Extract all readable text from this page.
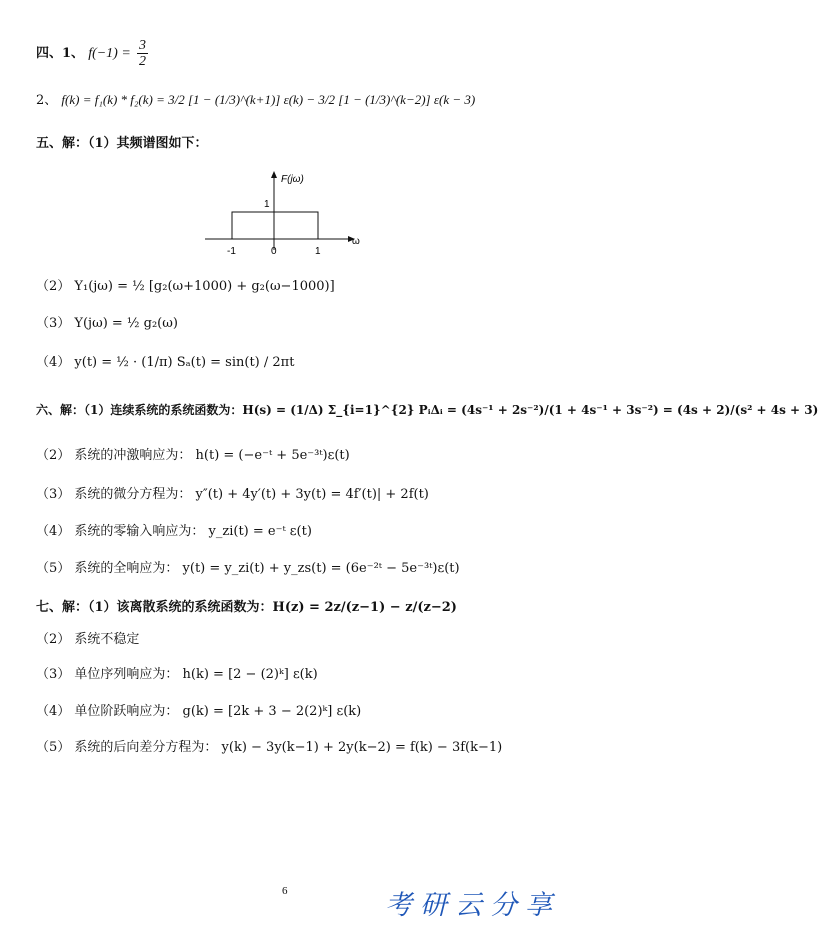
四、1、 $f(-1) = \frac{3}{2}$
2、 f(k) = f₁(k) * f₂(k) = 3/2 [1 − (1/3)^(k+1)] ε(k) − 3/2 [1 − (1/3)^(k−2)] ε(k − 3)
五、解：（1）其频谱图如下：
F(jω)
ω
1
-1	0	1
（2） Y₁(jω) = ½ [g₂(ω+1000) + g₂(ω−1000)]
（3） Y(jω) = ½ g₂(ω)
（4） y(t) = ½ · (1/π) Sₐ(t) = sin(t) / 2πt
六、解：（1）连续系统的系统函数为：H(s) = (1/Δ) Σ_{i=1}^{2} PᵢΔᵢ = (4s⁻¹ + 2s⁻²)/(1 + 4s⁻¹ + 3s⁻²) = (4s + 2)/(s² + 4s + 3)
（2） 系统的冲激响应为： h(t) = (−e⁻ᵗ + 5e⁻³ᵗ)ε(t)
（3） 系统的微分方程为： y″(t) + 4y′(t) + 3y(t) = 4f′(t)| + 2f(t)
（4） 系统的零输入响应为： y_zi(t) = e⁻ᵗ ε(t)
（5） 系统的全响应为： y(t) = y_zi(t) + y_zs(t) = (6e⁻²ᵗ − 5e⁻³ᵗ)ε(t)
七、解：（1）该离散系统的系统函数为：H(z) = 2z/(z−1) − z/(z−2)
（2） 系统不稳定
（3） 单位序列响应为： h(k) = [2 − (2)ᵏ] ε(k)
（4） 单位阶跃响应为： g(k) = [2k + 3 − 2(2)ᵏ] ε(k)
（5） 系统的后向差分方程为： y(k) − 3y(k−1) + 2y(k−2) = f(k) − 3f(k−1)
6	考研云分享
